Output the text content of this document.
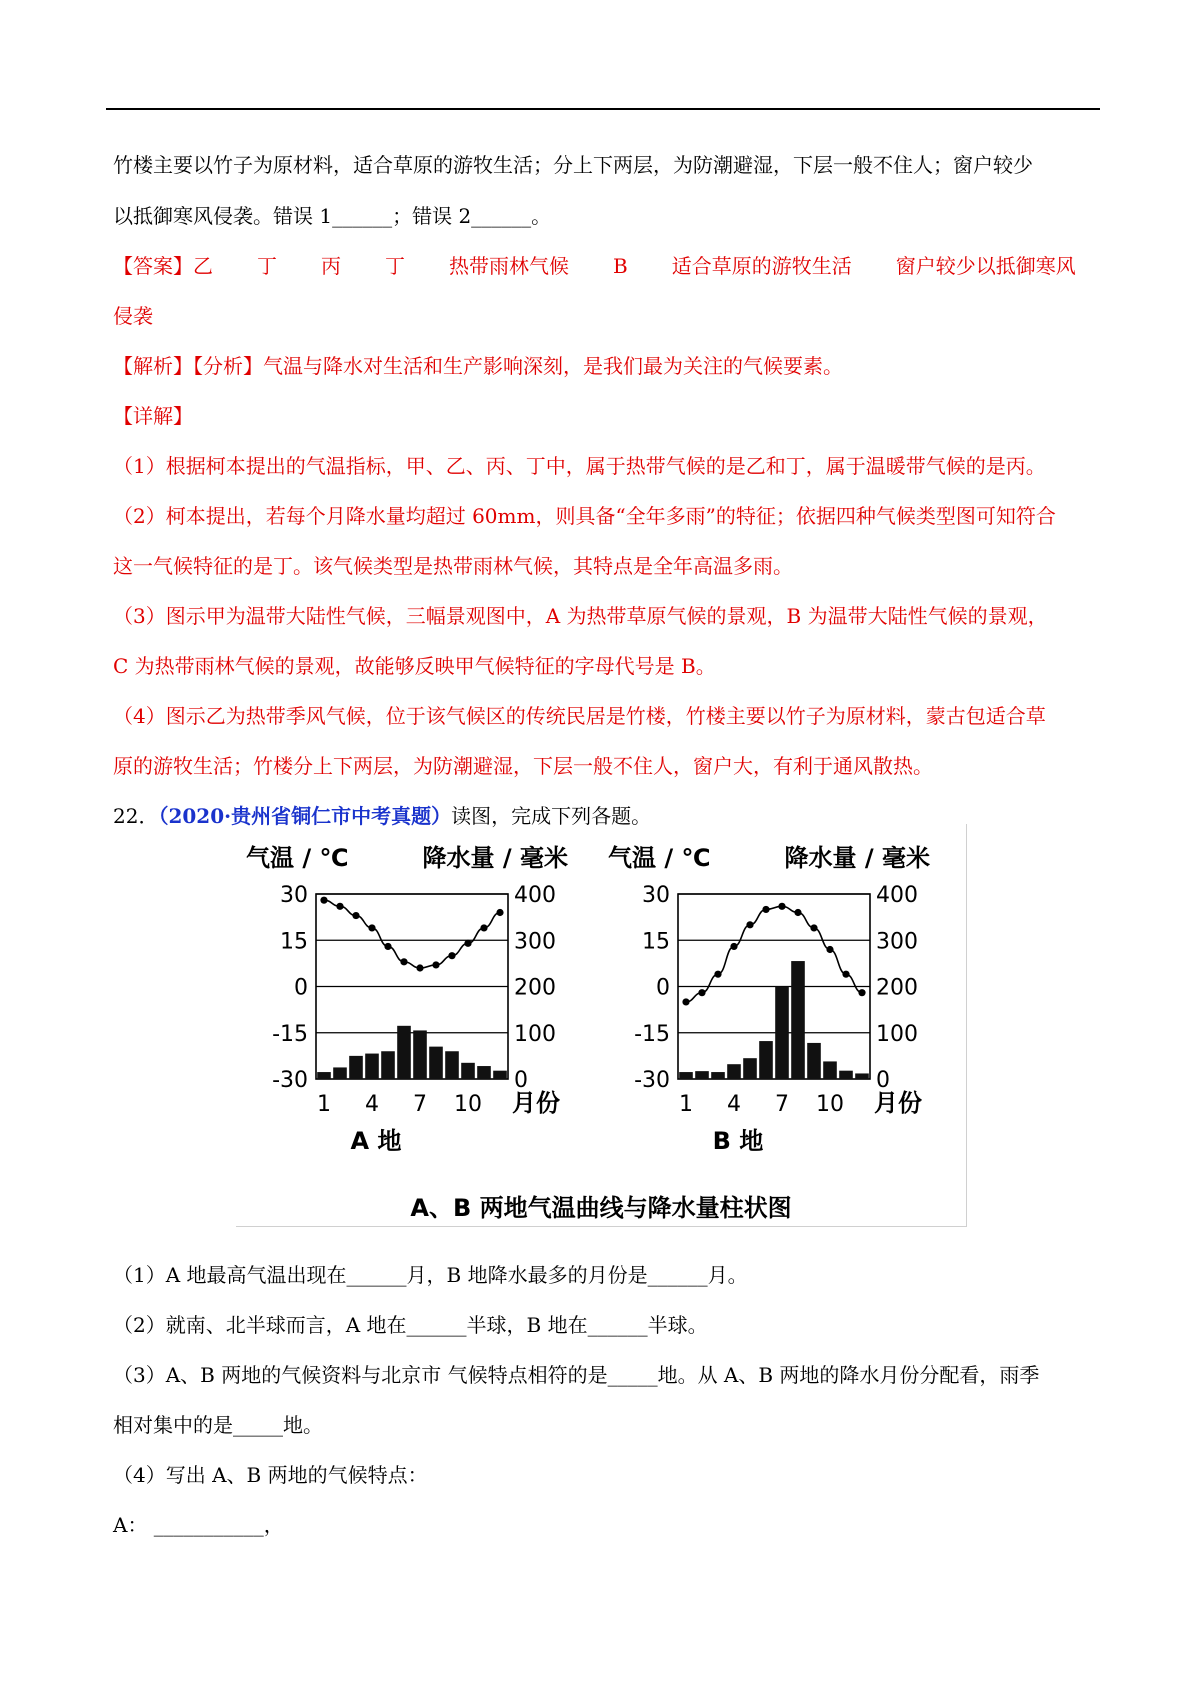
竹楼主要以竹子为原材料，适合草原的游牧生活；分上下两层，为防潮避湿，下层一般不住人；窗户较少
以抵御寒风侵袭。错误 1______；错误 2______。
【答案】乙 丁 丙 丁 热带雨林气候 B 适合草原的游牧生活 窗户较少以抵御寒风
侵袭
【解析】【分析】气温与降水对生活和生产影响深刻，是我们最为关注的气候要素。
【详解】
（1）根据柯本提出的气温指标，甲、乙、丙、丁中，属于热带气候的是乙和丁，属于温暖带气候的是丙。
（2）柯本提出，若每个月降水量均超过 60mm，则具备“全年多雨”的特征；依据四种气候类型图可知符合
这一气候特征的是丁。该气候类型是热带雨林气候，其特点是全年高温多雨。
（3）图示甲为温带大陆性气候，三幅景观图中，A 为热带草原气候的景观，B 为温带大陆性气候的景观，
C 为热带雨林气候的景观，故能够反映甲气候特征的字母代号是 B。
（4）图示乙为热带季风气候，位于该气候区的传统民居是竹楼，竹楼主要以竹子为原材料，蒙古包适合草
原的游牧生活；竹楼分上下两层，为防潮避湿，下层一般不住人，窗户大，有利于通风散热。
22．（2020·贵州省铜仁市中考真题）读图，完成下列各题。
30
15
0
-15
-30
400
300
200
100
0
气温 / ℃	降水量 / 毫米
1 4 7 10 月份
A 地
30
15
0
-15
-30
400
300
200
100
0
气温 / ℃	降水量 / 毫米
1 4 7 10 月份
B 地
A、B 两地气温曲线与降水量柱状图
（1）A 地最高气温出现在______月，B 地降水最多的月份是______月。
（2）就南、北半球而言，A 地在______半球，B 地在______半球。
（3）A、B 两地的气候资料与北京市 气候特点相符的是_____地。从 A、B 两地的降水月份分配看，雨季
相对集中的是_____地。
（4）写出 A、B 两地的气候特点：
A： ___________，
